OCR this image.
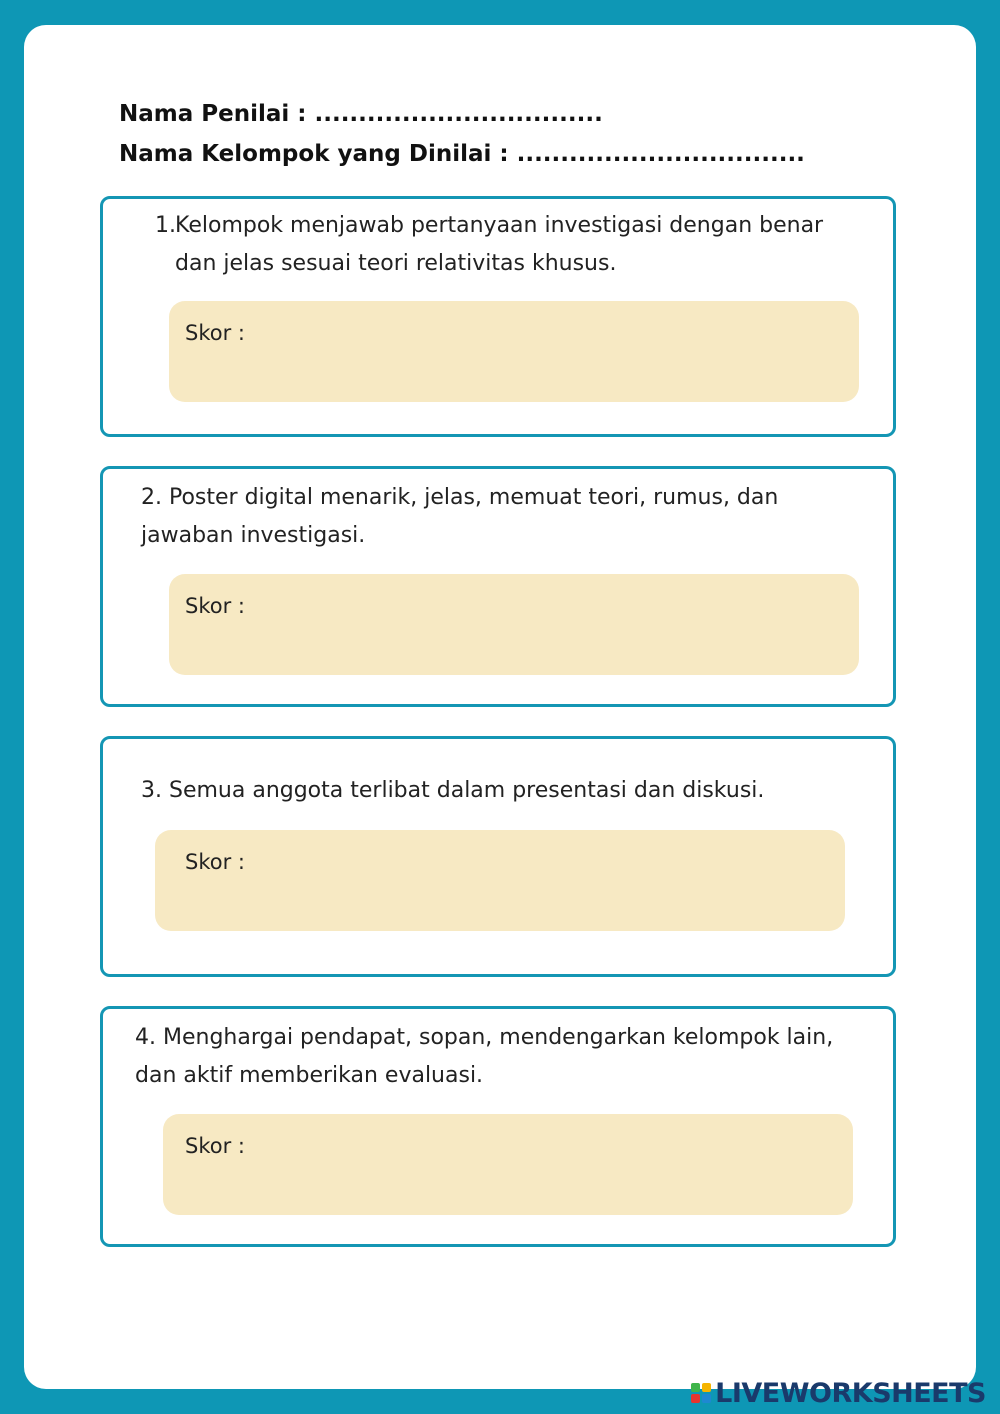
Nama Penilai : .................................
Nama Kelompok yang Dinilai : .................................
1.Kelompok menjawab pertanyaan investigasi dengan benar
dan jelas sesuai teori relativitas khusus.
Skor :
2. Poster digital menarik, jelas, memuat teori, rumus, dan
jawaban investigasi.
Skor :
3. Semua anggota terlibat dalam presentasi dan diskusi.
Skor :
4. Menghargai pendapat, sopan, mendengarkan kelompok lain,
dan aktif memberikan evaluasi.
Skor :
LIVEWORKSHEETS
